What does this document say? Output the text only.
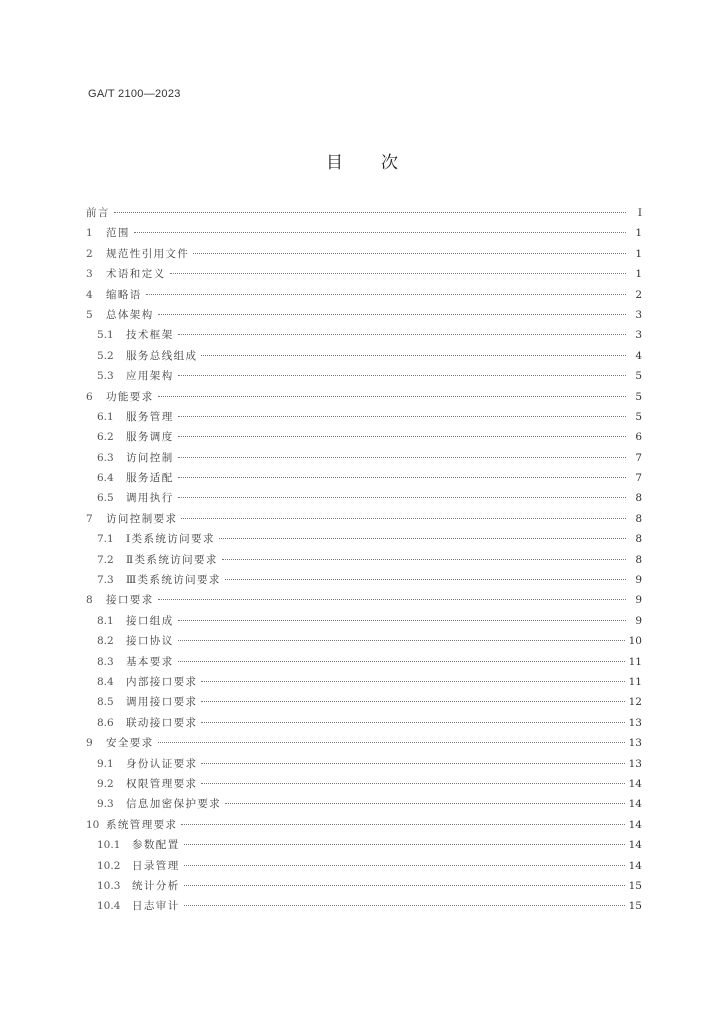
GA/T 2100—2023
目 次
前言	I
1	范围	1
2	规范性引用文件	1
3	术语和定义	1
4	缩略语	2
5	总体架构	3
5.1	技术框架	3
5.2	服务总线组成	4
5.3	应用架构	5
6	功能要求	5
6.1	服务管理	5
6.2	服务调度	6
6.3	访问控制	7
6.4	服务适配	7
6.5	调用执行	8
7	访问控制要求	8
7.1	Ⅰ类系统访问要求	8
7.2	Ⅱ类系统访问要求	8
7.3	Ⅲ类系统访问要求	9
8	接口要求	9
8.1	接口组成	9
8.2	接口协议	10
8.3	基本要求	11
8.4	内部接口要求	11
8.5	调用接口要求	12
8.6	联动接口要求	13
9	安全要求	13
9.1	身份认证要求	13
9.2	权限管理要求	14
9.3	信息加密保护要求	14
10 系统管理要求	14
10.1	参数配置	14
10.2	日录管理	14
10.3	统计分析	15
10.4	日志审计	15
